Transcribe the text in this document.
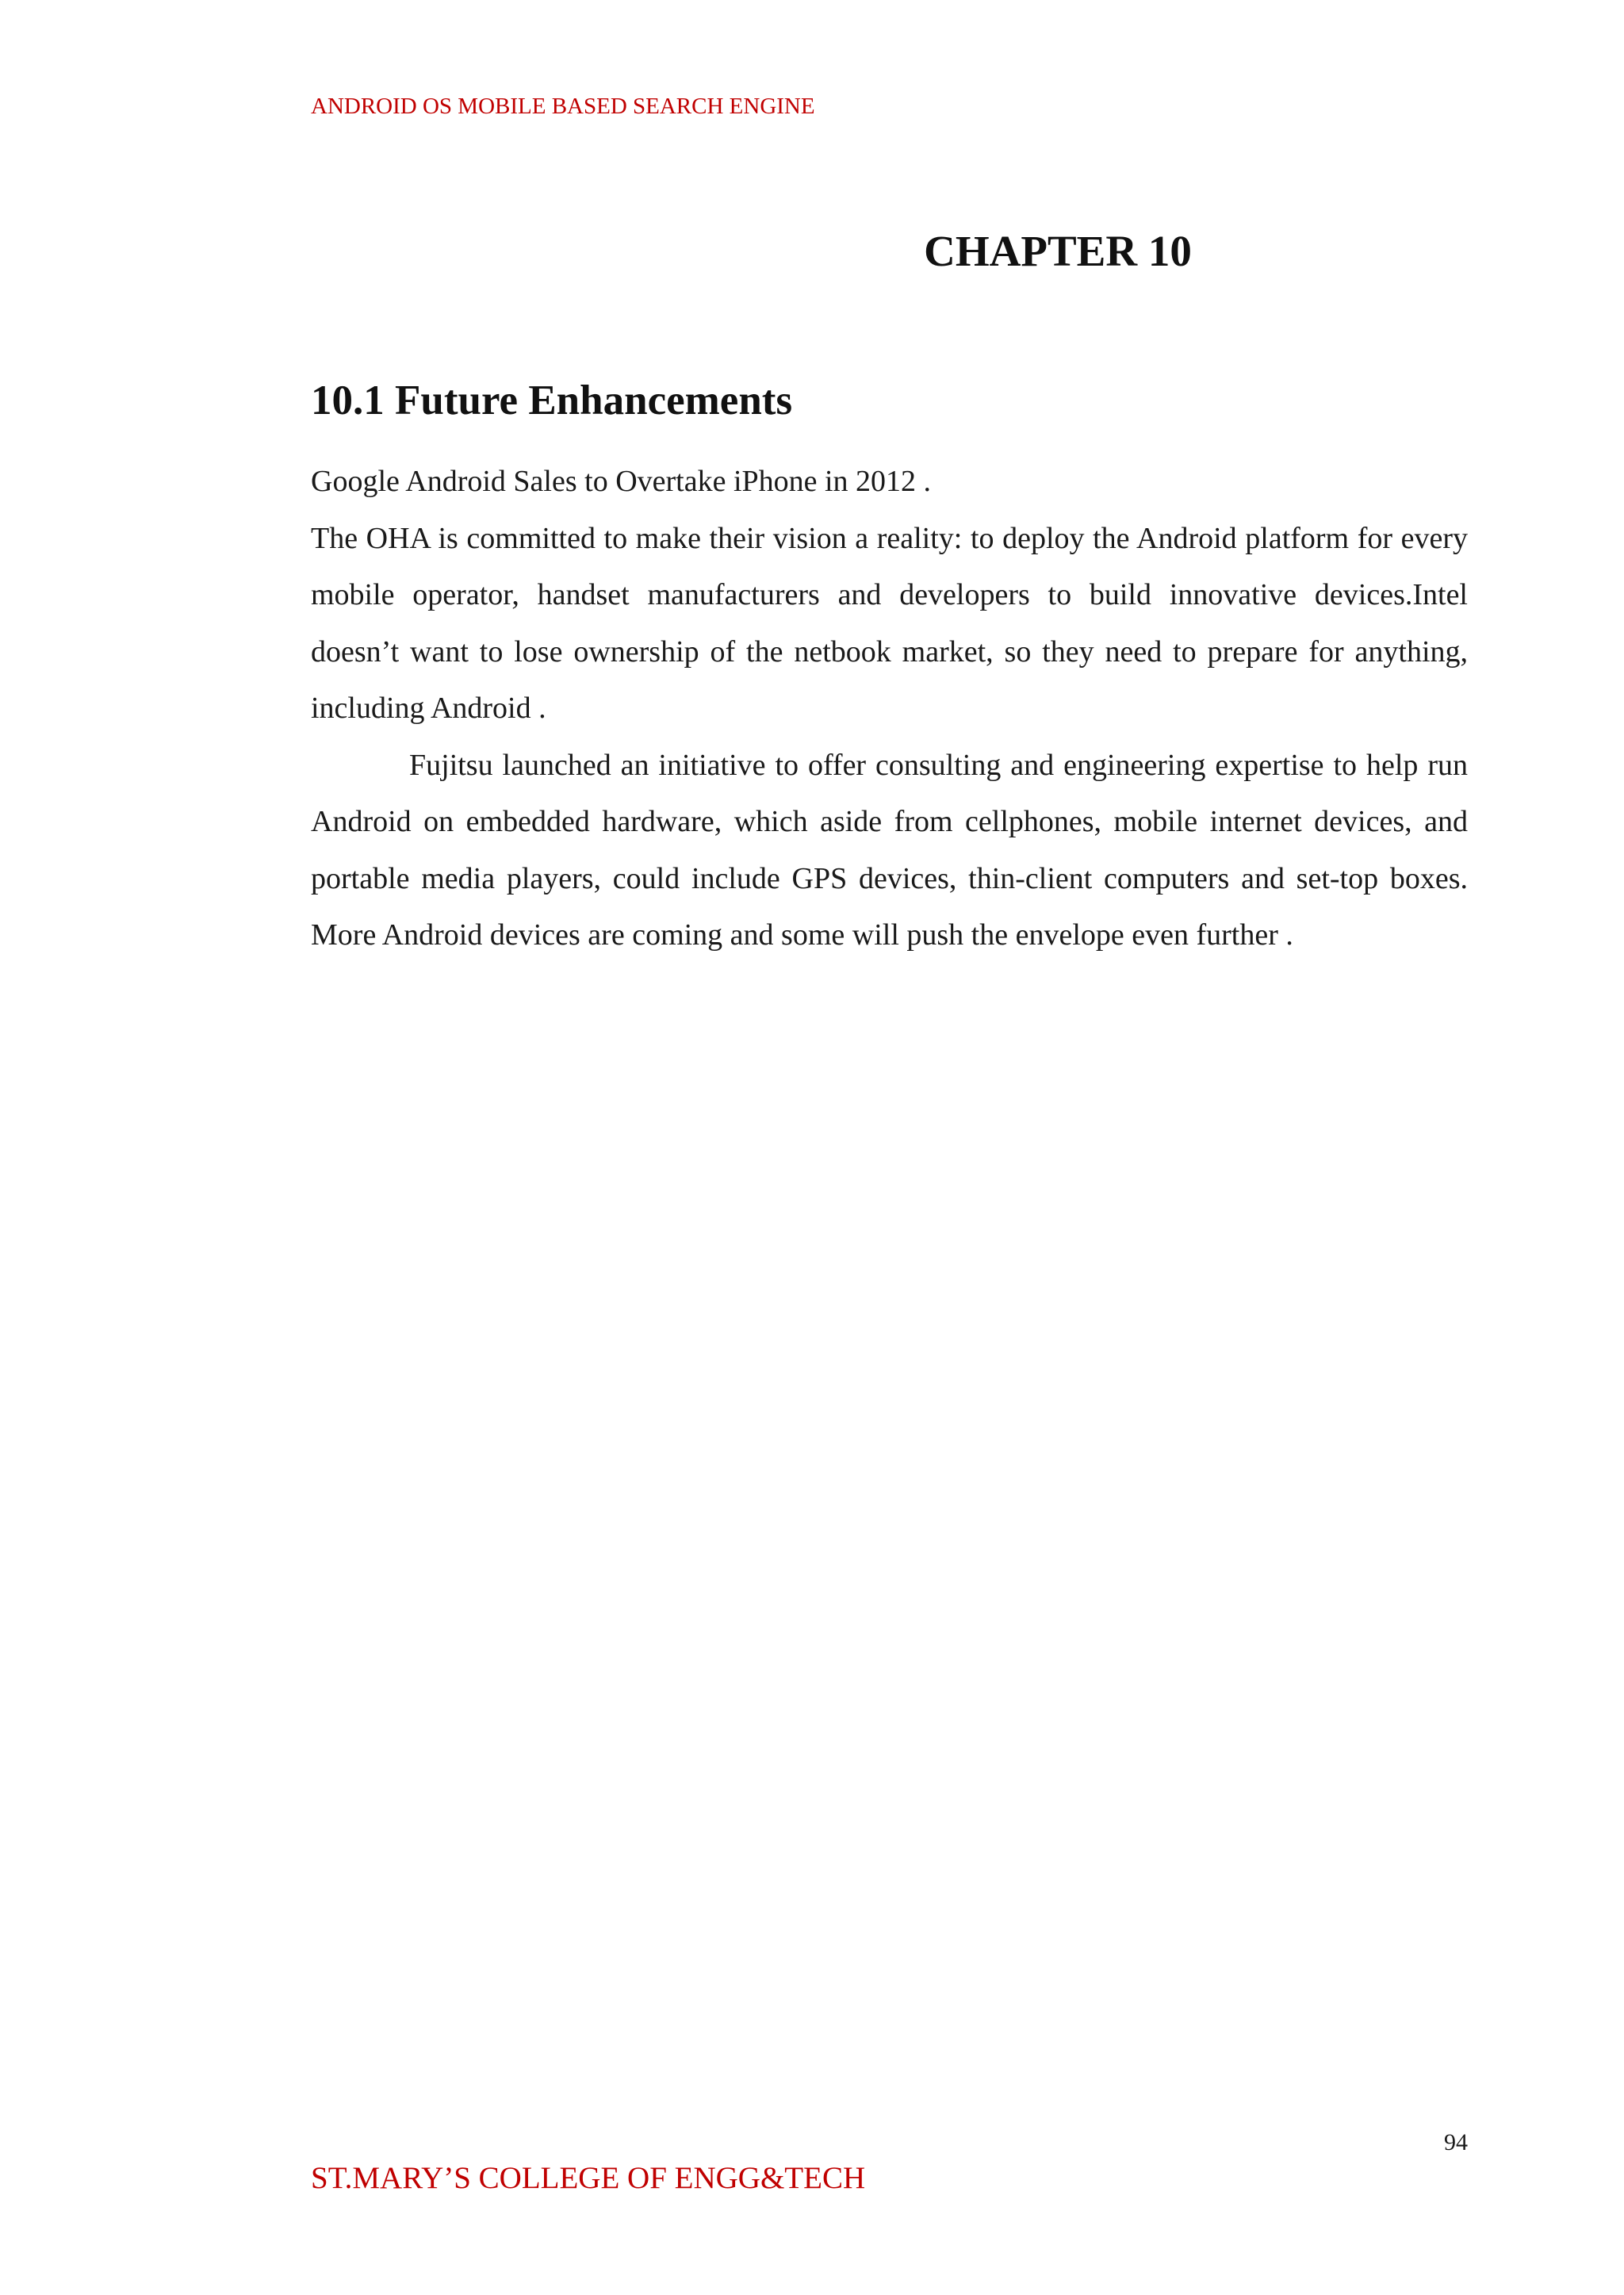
ANDROID OS MOBILE BASED SEARCH ENGINE
CHAPTER 10
10.1 Future Enhancements

Google Android Sales to Overtake iPhone in 2012 .

The OHA is committed to make their vision a reality: to deploy the Android platform for every mobile operator, handset manufacturers and developers to build innovative devices.Intel doesn’t want to lose ownership of the netbook market, so they need to prepare for anything, including Android .

Fujitsu launched an initiative to offer consulting and engineering expertise to help run Android on embedded hardware, which aside from cellphones, mobile internet devices, and portable media players, could include GPS devices, thin-client computers and set-top boxes. More Android devices are coming and some will push the envelope even further .

94
ST.MARY’S COLLEGE OF ENGG&TECH
